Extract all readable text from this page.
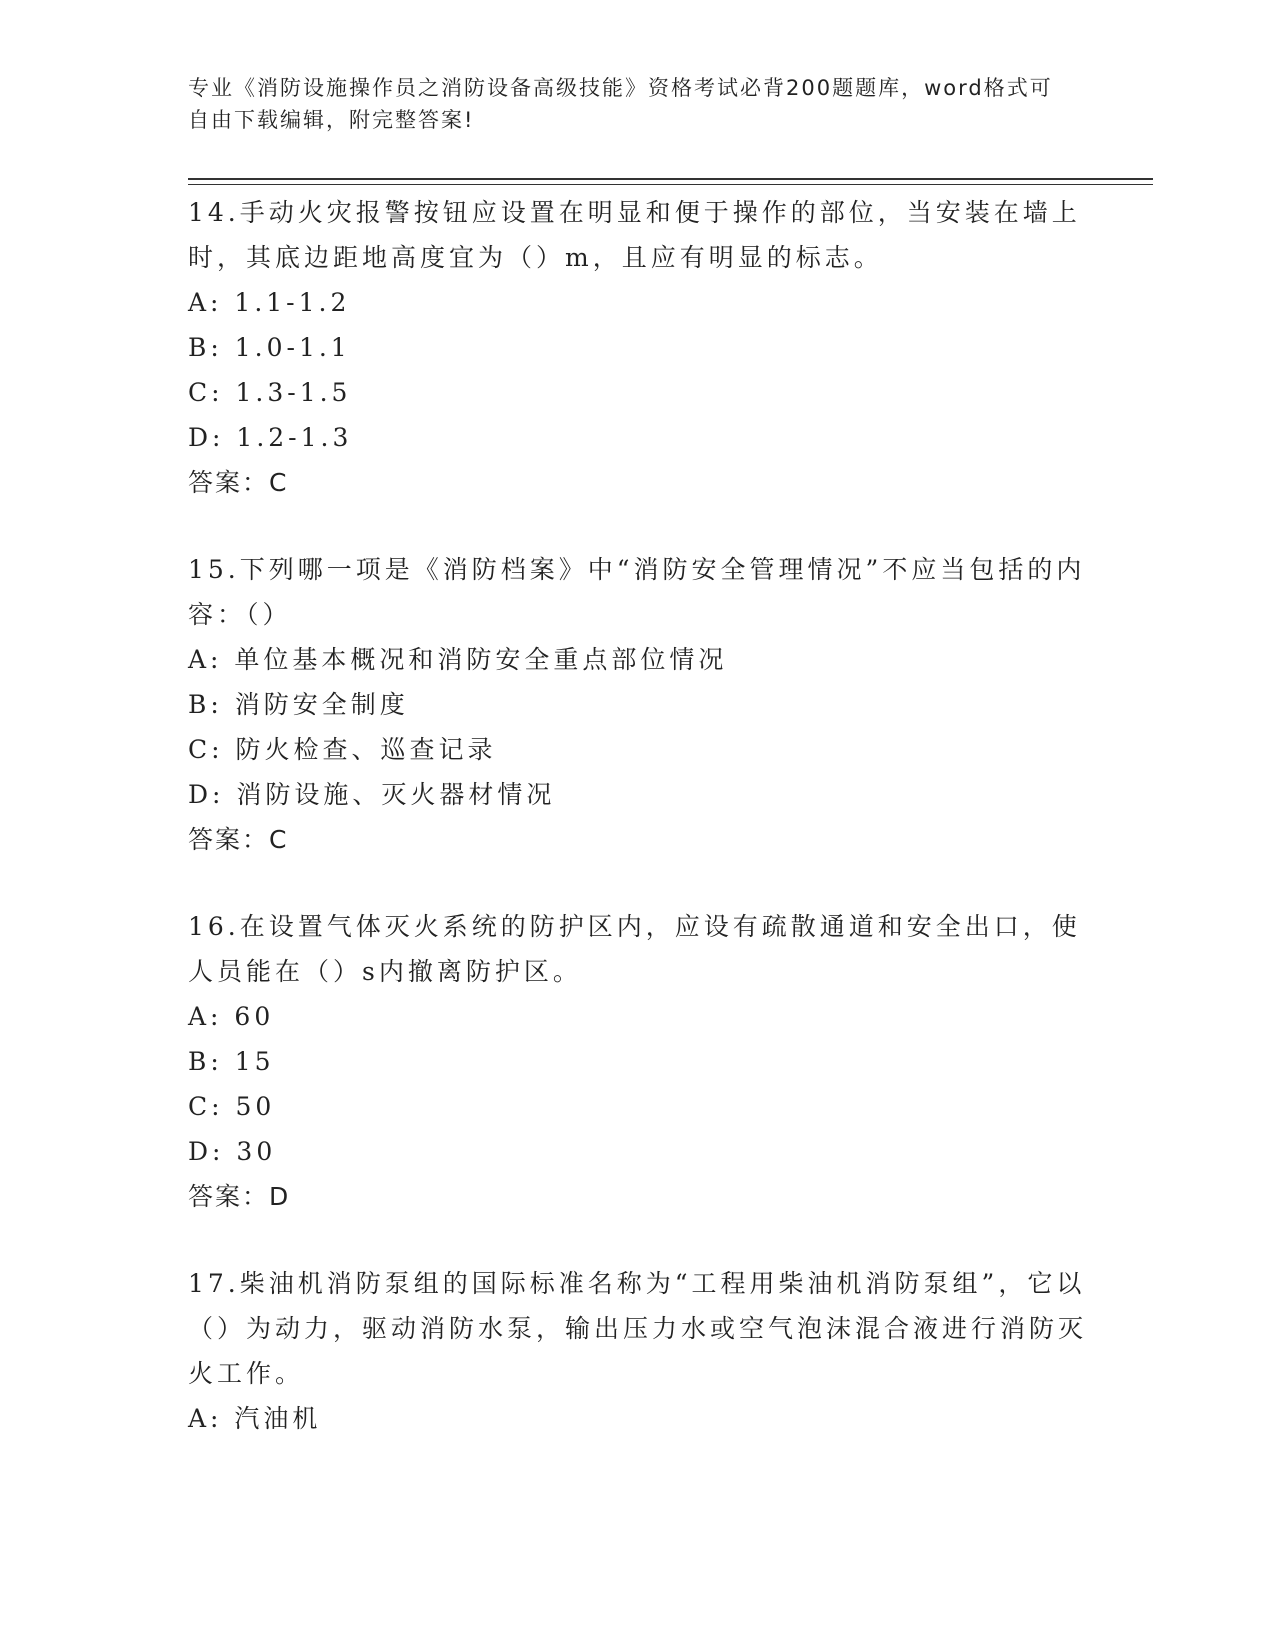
专业《消防设施操作员之消防设备高级技能》资格考试必背200题题库，word格式可自由下载编辑，附完整答案!

14.手动火灾报警按钮应设置在明显和便于操作的部位，当安装在墙上时，其底边距地高度宜为（）m，且应有明显的标志。

A: 1.1-1.2
B: 1.0-1.1
C: 1.3-1.5
D: 1.2-1.3
答案：C

15.下列哪一项是《消防档案》中“消防安全管理情况”不应当包括的内容：（）

A: 单位基本概况和消防安全重点部位情况
B: 消防安全制度
C: 防火检查、巡查记录
D: 消防设施、灭火器材情况
答案：C

16.在设置气体灭火系统的防护区内，应设有疏散通道和安全出口，使人员能在（）s内撤离防护区。

A: 60
B: 15
C: 50
D: 30
答案：D

17.柴油机消防泵组的国际标准名称为“工程用柴油机消防泵组”，它以（）为动力，驱动消防水泵，输出压力水或空气泡沫混合液进行消防灭火工作。

A: 汽油机
